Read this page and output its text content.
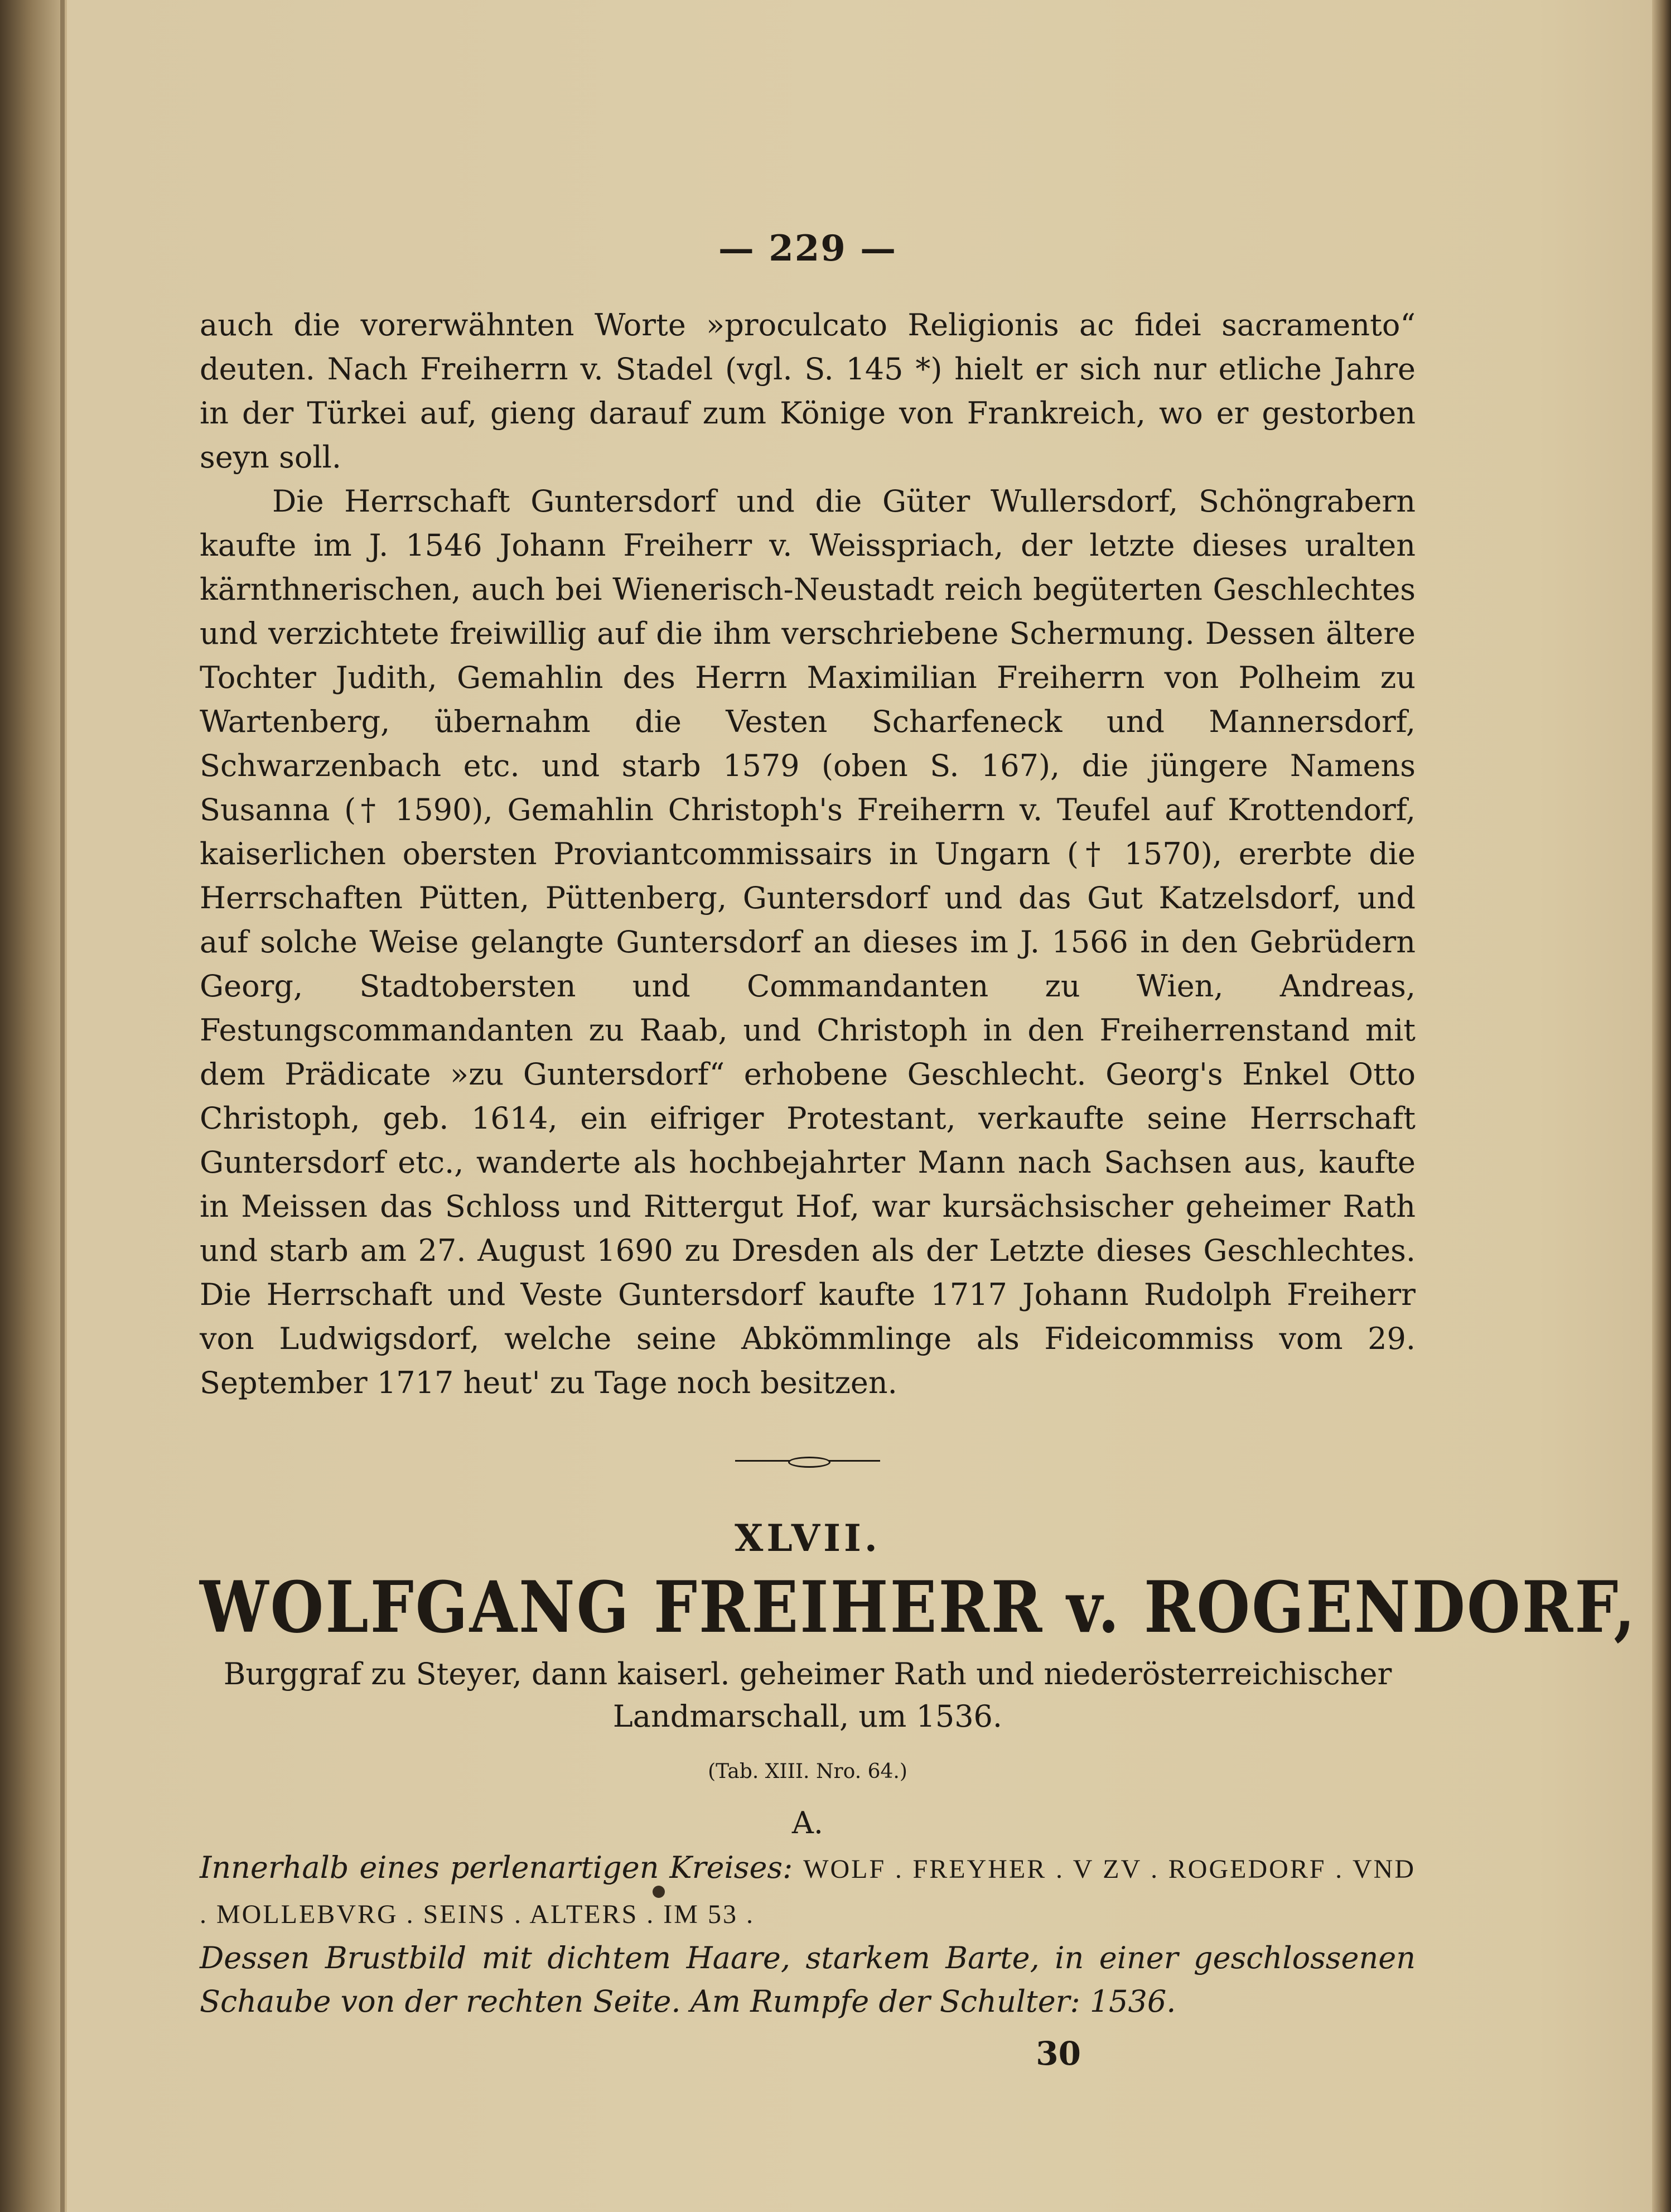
— 229 —

auch die vorerwähnten Worte »proculcato Religionis ac fidei sacramento“ deuten. Nach Freiherrn v. Stadel (vgl. S. 145 *) hielt er sich nur etliche Jahre in der Türkei auf, gieng darauf zum Könige von Frankreich, wo er gestorben seyn soll.

Die Herrschaft Guntersdorf und die Güter Wullersdorf, Schöngrabern kaufte im J. 1546 Johann Freiherr v. Weisspriach, der letzte dieses uralten kärnthnerischen, auch bei Wienerisch-Neustadt reich begüterten Geschlechtes und verzichtete freiwillig auf die ihm verschriebene Schermung. Dessen ältere Tochter Judith, Gemahlin des Herrn Maximilian Freiherrn von Polheim zu Wartenberg, übernahm die Vesten Scharfeneck und Mannersdorf, Schwarzenbach etc. und starb 1579 (oben S. 167), die jüngere Namens Susanna († 1590), Gemahlin Christoph's Freiherrn v. Teufel auf Krottendorf, kaiserlichen obersten Proviantcommissairs in Ungarn († 1570), ererbte die Herrschaften Pütten, Püttenberg, Guntersdorf und das Gut Katzelsdorf, und auf solche Weise gelangte Guntersdorf an dieses im J. 1566 in den Gebrüdern Georg, Stadtobersten und Commandanten zu Wien, Andreas, Festungscommandanten zu Raab, und Christoph in den Freiherrenstand mit dem Prädicate »zu Guntersdorf“ erhobene Geschlecht. Georg's Enkel Otto Christoph, geb. 1614, ein eifriger Protestant, verkaufte seine Herrschaft Guntersdorf etc., wanderte als hochbejahrter Mann nach Sachsen aus, kaufte in Meissen das Schloss und Rittergut Hof, war kursächsischer geheimer Rath und starb am 27. August 1690 zu Dresden als der Letzte dieses Geschlechtes. Die Herrschaft und Veste Guntersdorf kaufte 1717 Johann Rudolph Freiherr von Ludwigsdorf, welche seine Abkömmlinge als Fideicommiss vom 29. September 1717 heut' zu Tage noch besitzen.

XLVII.
WOLFGANG FREIHERR v. ROGENDORF,
Burggraf zu Steyer, dann kaiserl. geheimer Rath und niederösterreichischer
Landmarschall, um 1536.
(Tab. XIII. Nro. 64.)
A.

Innerhalb eines perlenartigen Kreises: WOLF . FREYHER . V ZV . ROGEDORF . VND . MOLLEBVRG . SEINS . ALTERS . IM 53 .

Dessen Brustbild mit dichtem Haare, starkem Barte, in einer geschlossenen Schaube von der rechten Seite. Am Rumpfe der Schulter: 1536.

30
